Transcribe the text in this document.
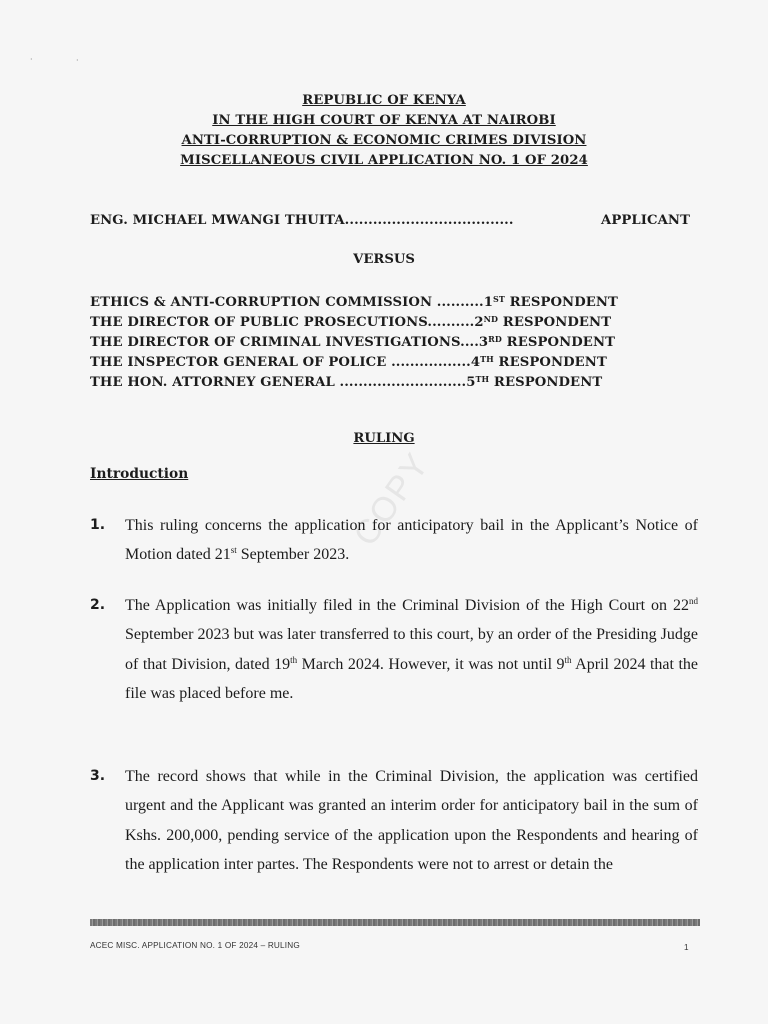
·	·
REPUBLIC OF KENYA
IN THE HIGH COURT OF KENYA AT NAIROBI
ANTI-CORRUPTION & ECONOMIC CRIMES DIVISION
MISCELLANEOUS CIVIL APPLICATION NO. 1 OF 2024
ENG. MICHAEL MWANGI THUITA....................................	APPLICANT
VERSUS
ETHICS & ANTI-CORRUPTION COMMISSION ..........1ST RESPONDENT
THE DIRECTOR OF PUBLIC PROSECUTIONS..........2ND RESPONDENT
THE DIRECTOR OF CRIMINAL INVESTIGATIONS....3RD RESPONDENT
THE INSPECTOR GENERAL OF POLICE .................4TH RESPONDENT
THE HON. ATTORNEY GENERAL ...........................5TH RESPONDENT
RULING
Introduction	COPY
1. This ruling concerns the application for anticipatory bail in the Applicant’s Notice of Motion dated 21st September 2023.
2. The Application was initially filed in the Criminal Division of the High Court on 22nd September 2023 but was later transferred to this court, by an order of the Presiding Judge of that Division, dated 19th March 2024. However, it was not until 9th April 2024 that the file was placed before me.
3. The record shows that while in the Criminal Division, the application was certified urgent and the Applicant was granted an interim order for anticipatory bail in the sum of Kshs. 200,000, pending service of the application upon the Respondents and hearing of the application inter partes. The Respondents were not to arrest or detain the
ACEC MISC. APPLICATION NO. 1 OF 2024 – RULING	1
